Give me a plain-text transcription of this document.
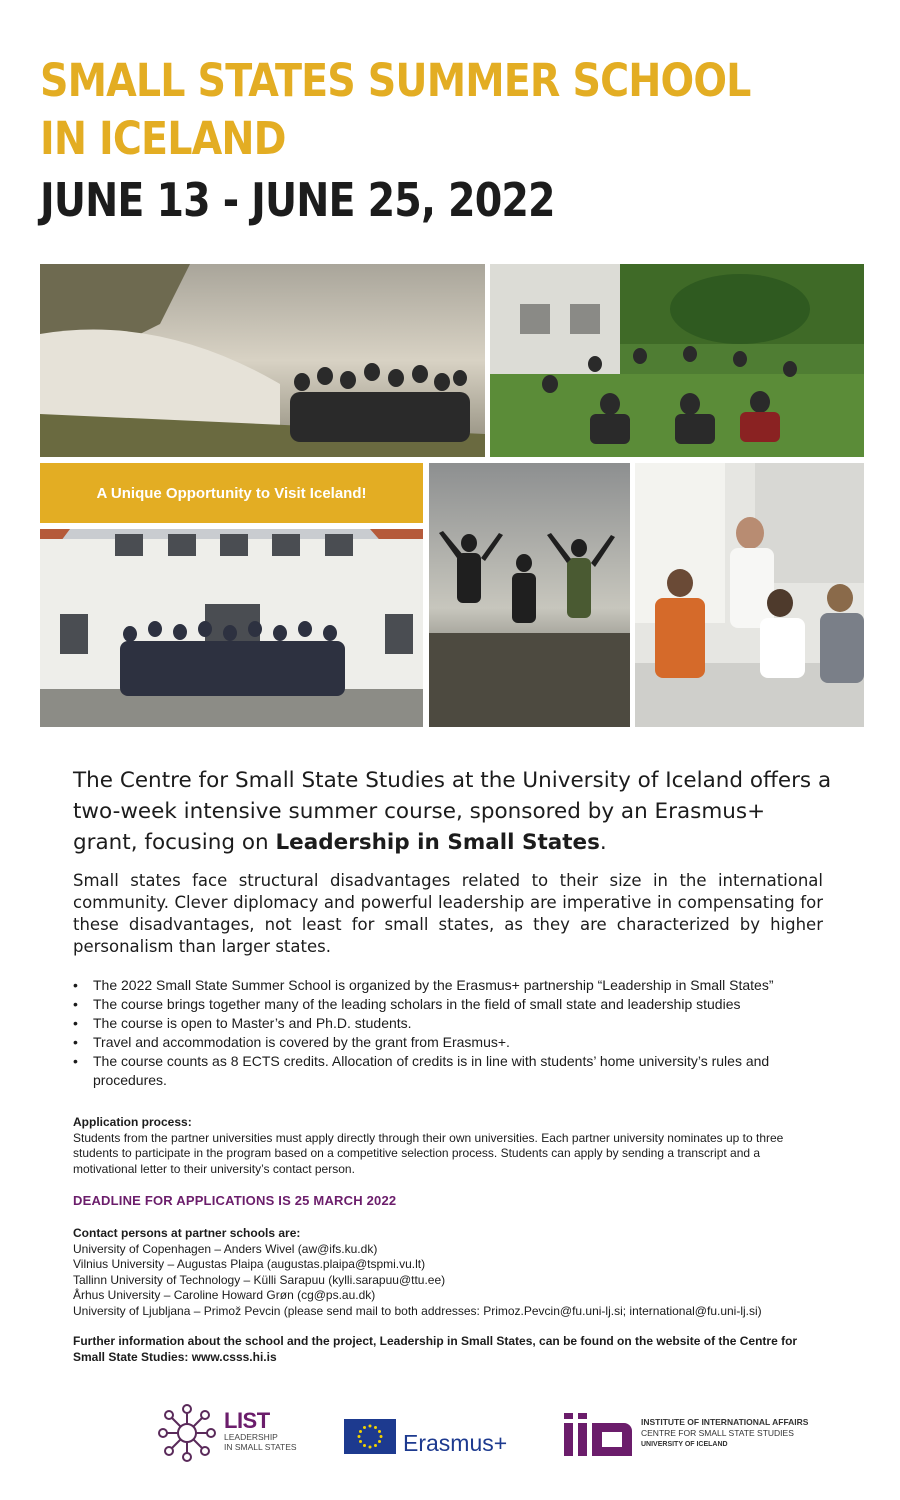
SMALL STATES SUMMER SCHOOL
IN ICELAND
JUNE 13 - JUNE 25, 2022
A Unique Opportunity to Visit Iceland!

The Centre for Small State Studies at the University of Iceland offers a two-week intensive summer course, sponsored by an Erasmus+ grant, focusing on Leadership in Small States.

Small states face structural disadvantages related to their size in the international community. Clever diplomacy and powerful leadership are imperative in compensating for these disadvantages, not least for small states, as they are characterized by higher personalism than larger states.

• The 2022 Small State Summer School is organized by the Erasmus+ partnership “Leadership in Small States”
• The course brings together many of the leading scholars in the field of small state and leadership studies
• The course is open to Master’s and Ph.D. students.
• Travel and accommodation is covered by the grant from Erasmus+.
• The course counts as 8 ECTS credits. Allocation of credits is in line with students’ home university’s rules and procedures.
Application process:
Students from the partner universities must apply directly through their own universities. Each partner university nominates up to three students to participate in the program based on a competitive selection process. Students can apply by sending a transcript and a motivational letter to their university’s contact person.
DEADLINE FOR APPLICATIONS IS 25 MARCH 2022
Contact persons at partner schools are:
University of Copenhagen – Anders Wivel (aw@ifs.ku.dk)
Vilnius University – Augustas Plaipa (augustas.plaipa@tspmi.vu.lt)
Tallinn University of Technology – Külli Sarapuu (kylli.sarapuu@ttu.ee)
Århus University – Caroline Howard Grøn (cg@ps.au.dk)
University of Ljubljana – Primož Pevcin (please send mail to both addresses: Primoz.Pevcin@fu.uni-lj.si; international@fu.uni-lj.si)
Further information about the school and the project, Leadership in Small States, can be found on the website of the Centre for Small State Studies: www.csss.hi.is
LIST
LEADERSHIP
IN SMALL STATES	Erasmus+
INSTITUTE OF INTERNATIONAL AFFAIRS
CENTRE FOR SMALL STATE STUDIES
UNIVERSITY OF ICELAND
